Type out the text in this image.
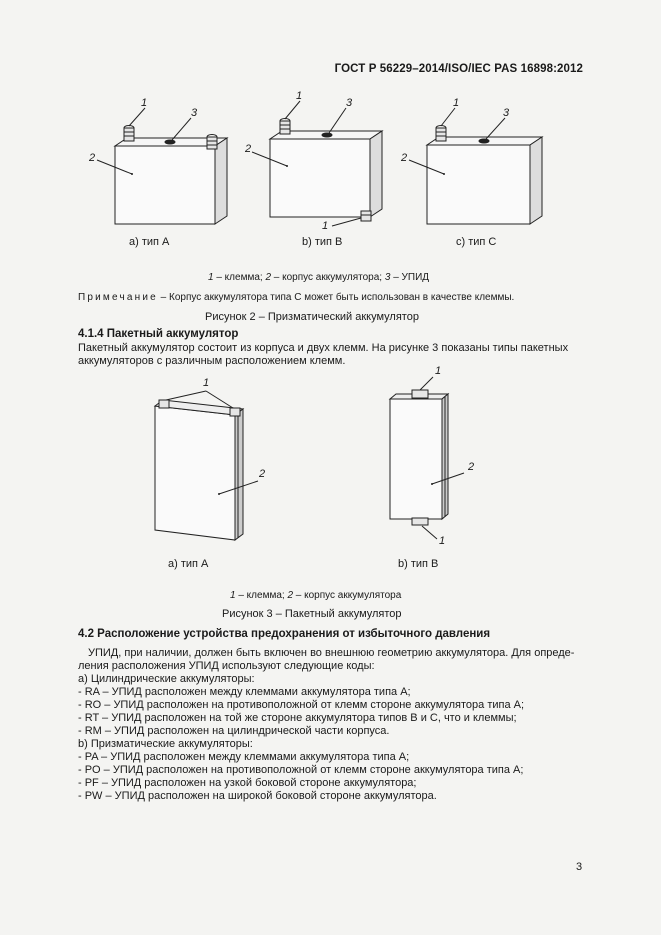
ГОСТ Р 56229–2014/ISO/IEC PAS 16898:2012
1
3
2
1
3
2
1
1
3
2
a) тип A	b) тип B	c) тип C
1 – клемма; 2 – корпус аккумулятора; 3 – УПИД
Примечание – Корпус аккумулятора типа С может быть использован в качестве клеммы.
Рисунок 2 – Призматический аккумулятор
4.1.4 Пакетный аккумулятор
Пакетный аккумулятор состоит из корпуса и двух клемм. На рисунке 3 показаны типы пакетных
аккумуляторов с различным расположением клемм.
1
2
1
2
1
а) тип А	b) тип В
1 – клемма; 2 – корпус аккумулятора
Рисунок 3 – Пакетный аккумулятор
4.2 Расположение устройства предохранения от избыточного давления
УПИД, при наличии, должен быть включен во внешнюю геометрию аккумулятора. Для опреде-
ления расположения УПИД используют следующие коды:
а) Цилиндрические аккумуляторы:
- RA – УПИД расположен между клеммами аккумулятора типа A;
- RO – УПИД расположен на противоположной от клемм стороне аккумулятора типа A;
- RT – УПИД расположен на той же стороне аккумулятора типов B и C, что и клеммы;
- RM – УПИД расположен на цилиндрической части корпуса.
b) Призматические аккумуляторы:
- PA – УПИД расположен между клеммами аккумулятора типа A;
- PO – УПИД расположен на противоположной от клемм стороне аккумулятора типа A;
- PF – УПИД расположен на узкой боковой стороне аккумулятора;
- PW – УПИД расположен на широкой боковой стороне аккумулятора.
3
